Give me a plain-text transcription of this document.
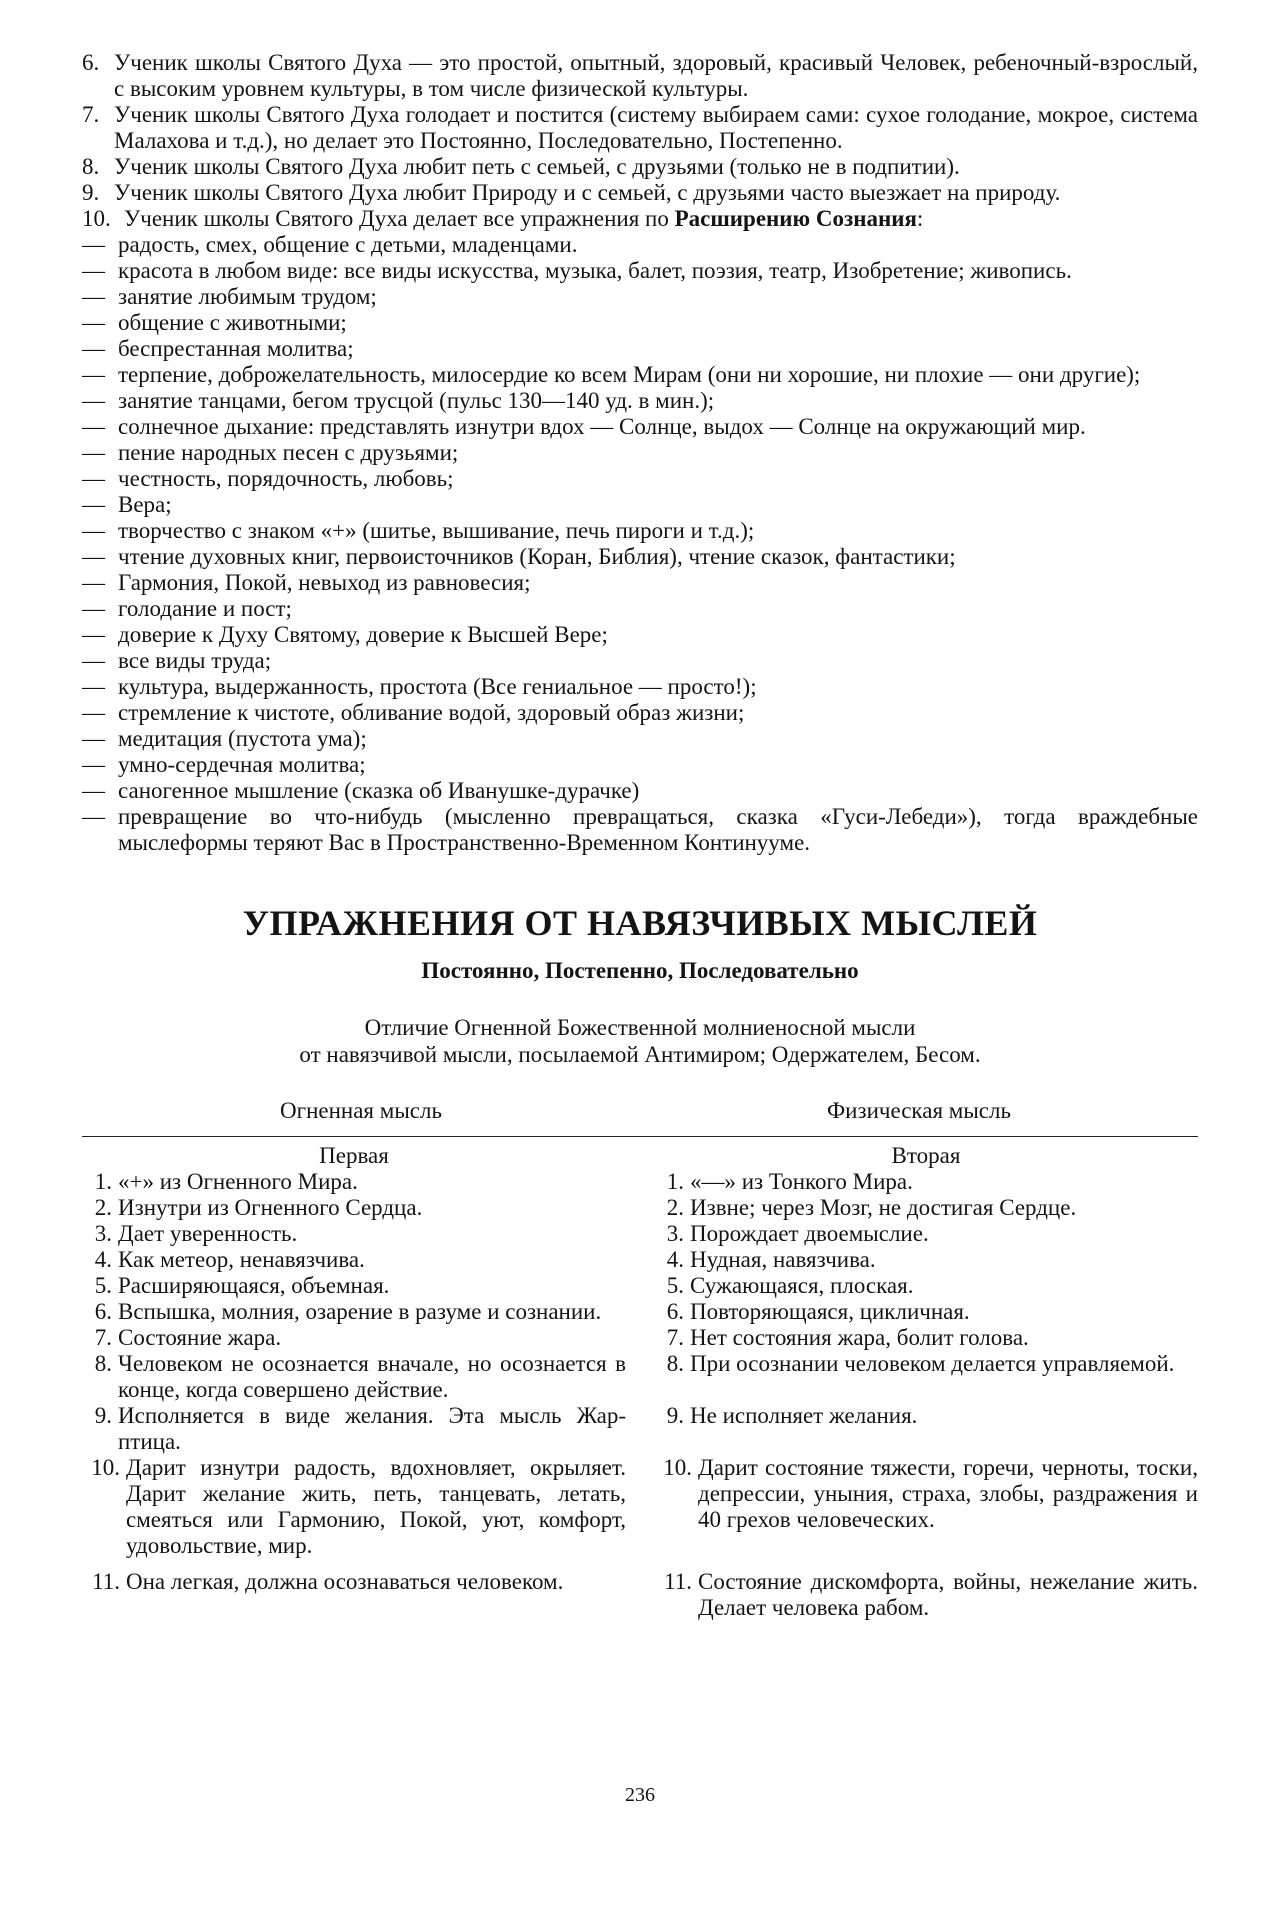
6. Ученик школы Святого Духа — это простой, опытный, здоровый, красивый Человек, ребеночный-взрослый, с высоким уровнем культуры, в том числе физической культуры.
7. Ученик школы Святого Духа голодает и постится (систему выбираем сами: сухое голодание, мокрое, система Малахова и т.д.), но делает это Постоянно, Последовательно, Постепенно.
8. Ученик школы Святого Духа любит петь с семьей, с друзьями (только не в подпитии).
9. Ученик школы Святого Духа любит Природу и с семьей, с друзьями часто выезжает на природу.
10. Ученик школы Святого Духа делает все упражнения по Расширению Сознания:
— радость, смех, общение с детьми, младенцами.
— красота в любом виде: все виды искусства, музыка, балет, поэзия, театр, Изобретение; живопись.
— занятие любимым трудом;
— общение с животными;
— беспрестанная молитва;
— терпение, доброжелательность, милосердие ко всем Мирам (они ни хорошие, ни плохие — они другие);
— занятие танцами, бегом трусцой (пульс 130—140 уд. в мин.);
— солнечное дыхание: представлять изнутри вдох — Солнце, выдох — Солнце на окружающий мир.
— пение народных песен с друзьями;
— честность, порядочность, любовь;
— Вера;
— творчество с знаком «+» (шитье, вышивание, печь пироги и т.д.);
— чтение духовных книг, первоисточников (Коран, Библия), чтение сказок, фантастики;
— Гармония, Покой, невыход из равновесия;
— голодание и пост;
— доверие к Духу Святому, доверие к Высшей Вере;
— все виды труда;
— культура, выдержанность, простота (Все гениальное — просто!);
— стремление к чистоте, обливание водой, здоровый образ жизни;
— медитация (пустота ума);
— умно-сердечная молитва;
— саногенное мышление (сказка об Иванушке-дурачке)
— превращение во что-нибудь (мысленно превращаться, сказка «Гуси-Лебеди»), тогда враждебные мыслеформы теряют Вас в Пространственно-Временном Континууме.
УПРАЖНЕНИЯ ОТ НАВЯЗЧИВЫХ МЫСЛЕЙ
Постоянно, Постепенно, Последовательно
Отличие Огненной Божественной молниеносной мысли
от навязчивой мысли, посылаемой Антимиром; Одержателем, Бесом.
Огненная мысль	Физическая мысль
Первая
1. «+» из Огненного Мира.
2. Изнутри из Огненного Сердца.
3. Дает уверенность.
4. Как метеор, ненавязчива.
5. Расширяющаяся, объемная.
6. Вспышка, молния, озарение в разуме и сознании.
7. Состояние жара.
8. Человеком не осознается вначале, но осознается в конце, когда совершено действие.
9. Исполняется в виде желания. Эта мысль Жар-птица.
10. Дарит изнутри радость, вдохновляет, окрыляет. Дарит желание жить, петь, танцевать, летать, смеяться или Гармонию, Покой, уют, комфорт, удовольствие, мир.
11. Она легкая, должна осознаваться человеком.
Вторая
1. «—» из Тонкого Мира.
2. Извне; через Мозг, не достигая Сердце.
3. Порождает двоемыслие.
4. Нудная, навязчива.
5. Сужающаяся, плоская.
6. Повторяющаяся, цикличная.
7. Нет состояния жара, болит голова.
8. При осознании человеком делается управляемой.
9. Не исполняет желания.
10. Дарит состояние тяжести, горечи, черноты, тоски, депрессии, уныния, страха, злобы, раздражения и 40 грехов человеческих.
11. Состояние дискомфорта, войны, нежелание жить. Делает человека рабом.
236
